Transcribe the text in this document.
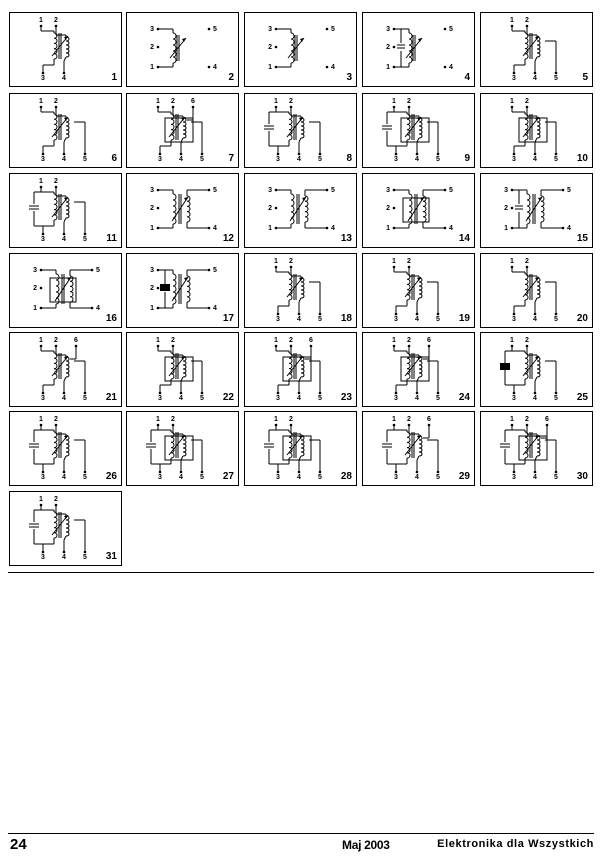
1 2
3 4	1
3
2
1
5
4
2
3
2
1
5
4
3
3
2
1
5
4
4
1 2
3 4 5 5
1 2
3 4 5 6
1 2 6
3 4 5 7
1 2
3 4 5 8
1 2
3 4 5 9
1 2
3 4 5 10
1 2
3 4 5 11
3
2
1
5
4
12
3
2
1
5
4
13
3
2
1
5
4
14
3
2
1
5
4
15
3
2
1
5
4
16
3
2
1
5
4
17
1 2
3 4 5 18
1 2
3 4 5 19
1 2
3 4 5 20
1 2 6
3 4 5 21
1 2
3 4 5 22
1 2 6
3 4 5 23
1 2 6
3 4 5 24
1 2
3 4 5 25
1 2
3 4 5 26
1 2
3 4 5 27
1 2
3 4 5 28
1 2 6
3 4 5 29
1 2 6
3 4 5 30
1 2
3 4 5 31
24	Maj 2003	Elektronika dla Wszystkich
